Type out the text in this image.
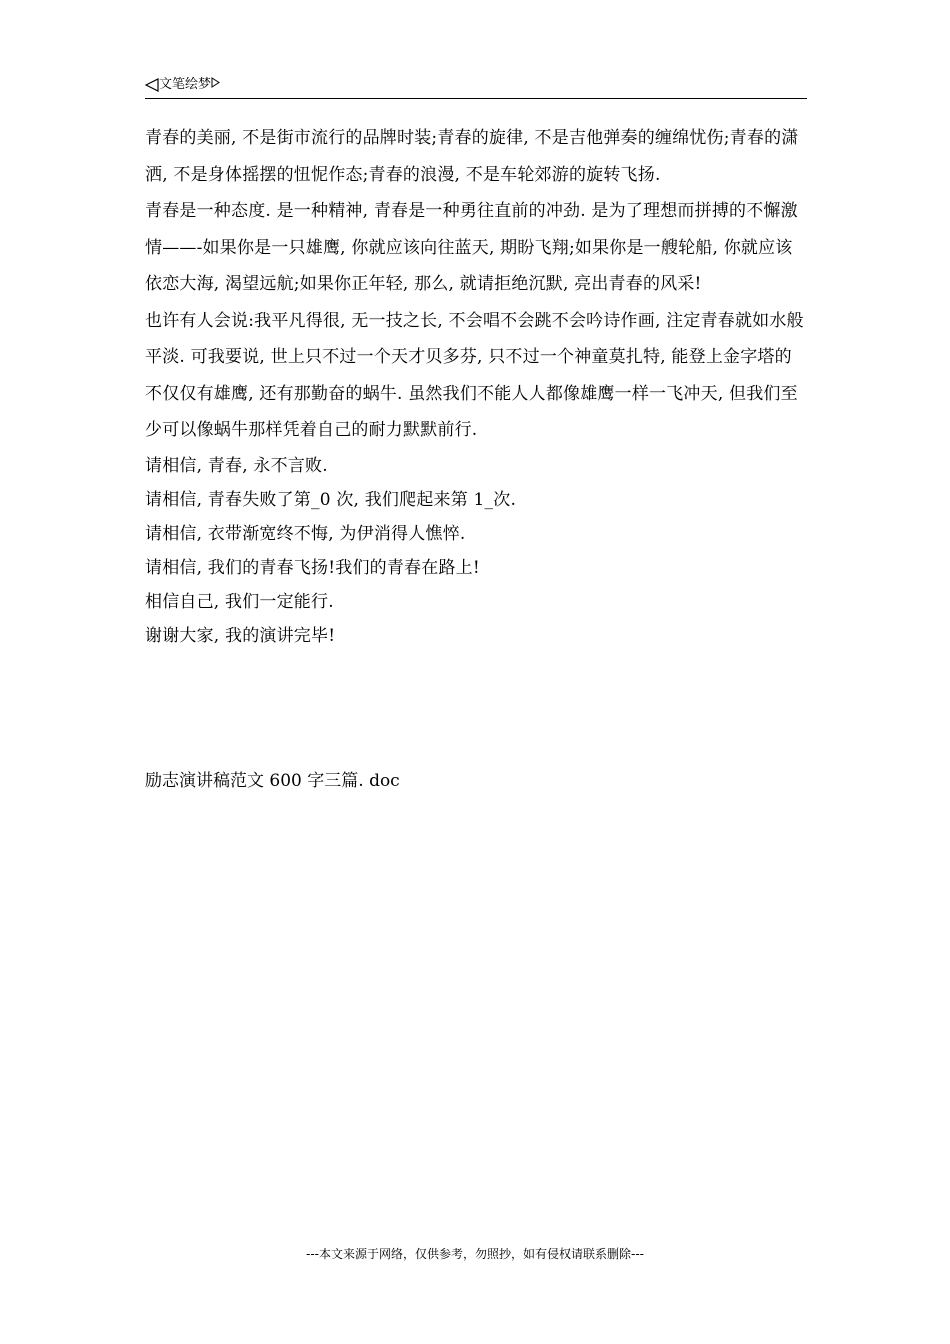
文笔绘梦

青春的美丽, 不是街市流行的品牌时装;青春的旋律, 不是吉他弹奏的缠绵忧伤;青春的潇洒, 不是身体摇摆的忸怩作态;青春的浪漫, 不是车轮郊游的旋转飞扬.

青春是一种态度. 是一种精神, 青春是一种勇往直前的冲劲. 是为了理想而拼搏的不懈激情——-如果你是一只雄鹰, 你就应该向往蓝天, 期盼飞翔;如果你是一艘轮船, 你就应该依恋大海, 渴望远航;如果你正年轻, 那么, 就请拒绝沉默, 亮出青春的风采!

也许有人会说:我平凡得很, 无一技之长, 不会唱不会跳不会吟诗作画, 注定青春就如水般平淡. 可我要说, 世上只不过一个天才贝多芬, 只不过一个神童莫扎特, 能登上金字塔的不仅仅有雄鹰, 还有那勤奋的蜗牛. 虽然我们不能人人都像雄鹰一样一飞冲天, 但我们至少可以像蜗牛那样凭着自己的耐力默默前行.

请相信, 青春, 永不言败.

请相信, 青春失败了第_0 次, 我们爬起来第 1_次.

请相信, 衣带渐宽终不悔, 为伊消得人憔悴.

请相信, 我们的青春飞扬!我们的青春在路上!

相信自己, 我们一定能行.

谢谢大家, 我的演讲完毕!

励志演讲稿范文 600 字三篇. doc
---本文来源于网络，仅供参考，勿照抄，如有侵权请联系删除---
